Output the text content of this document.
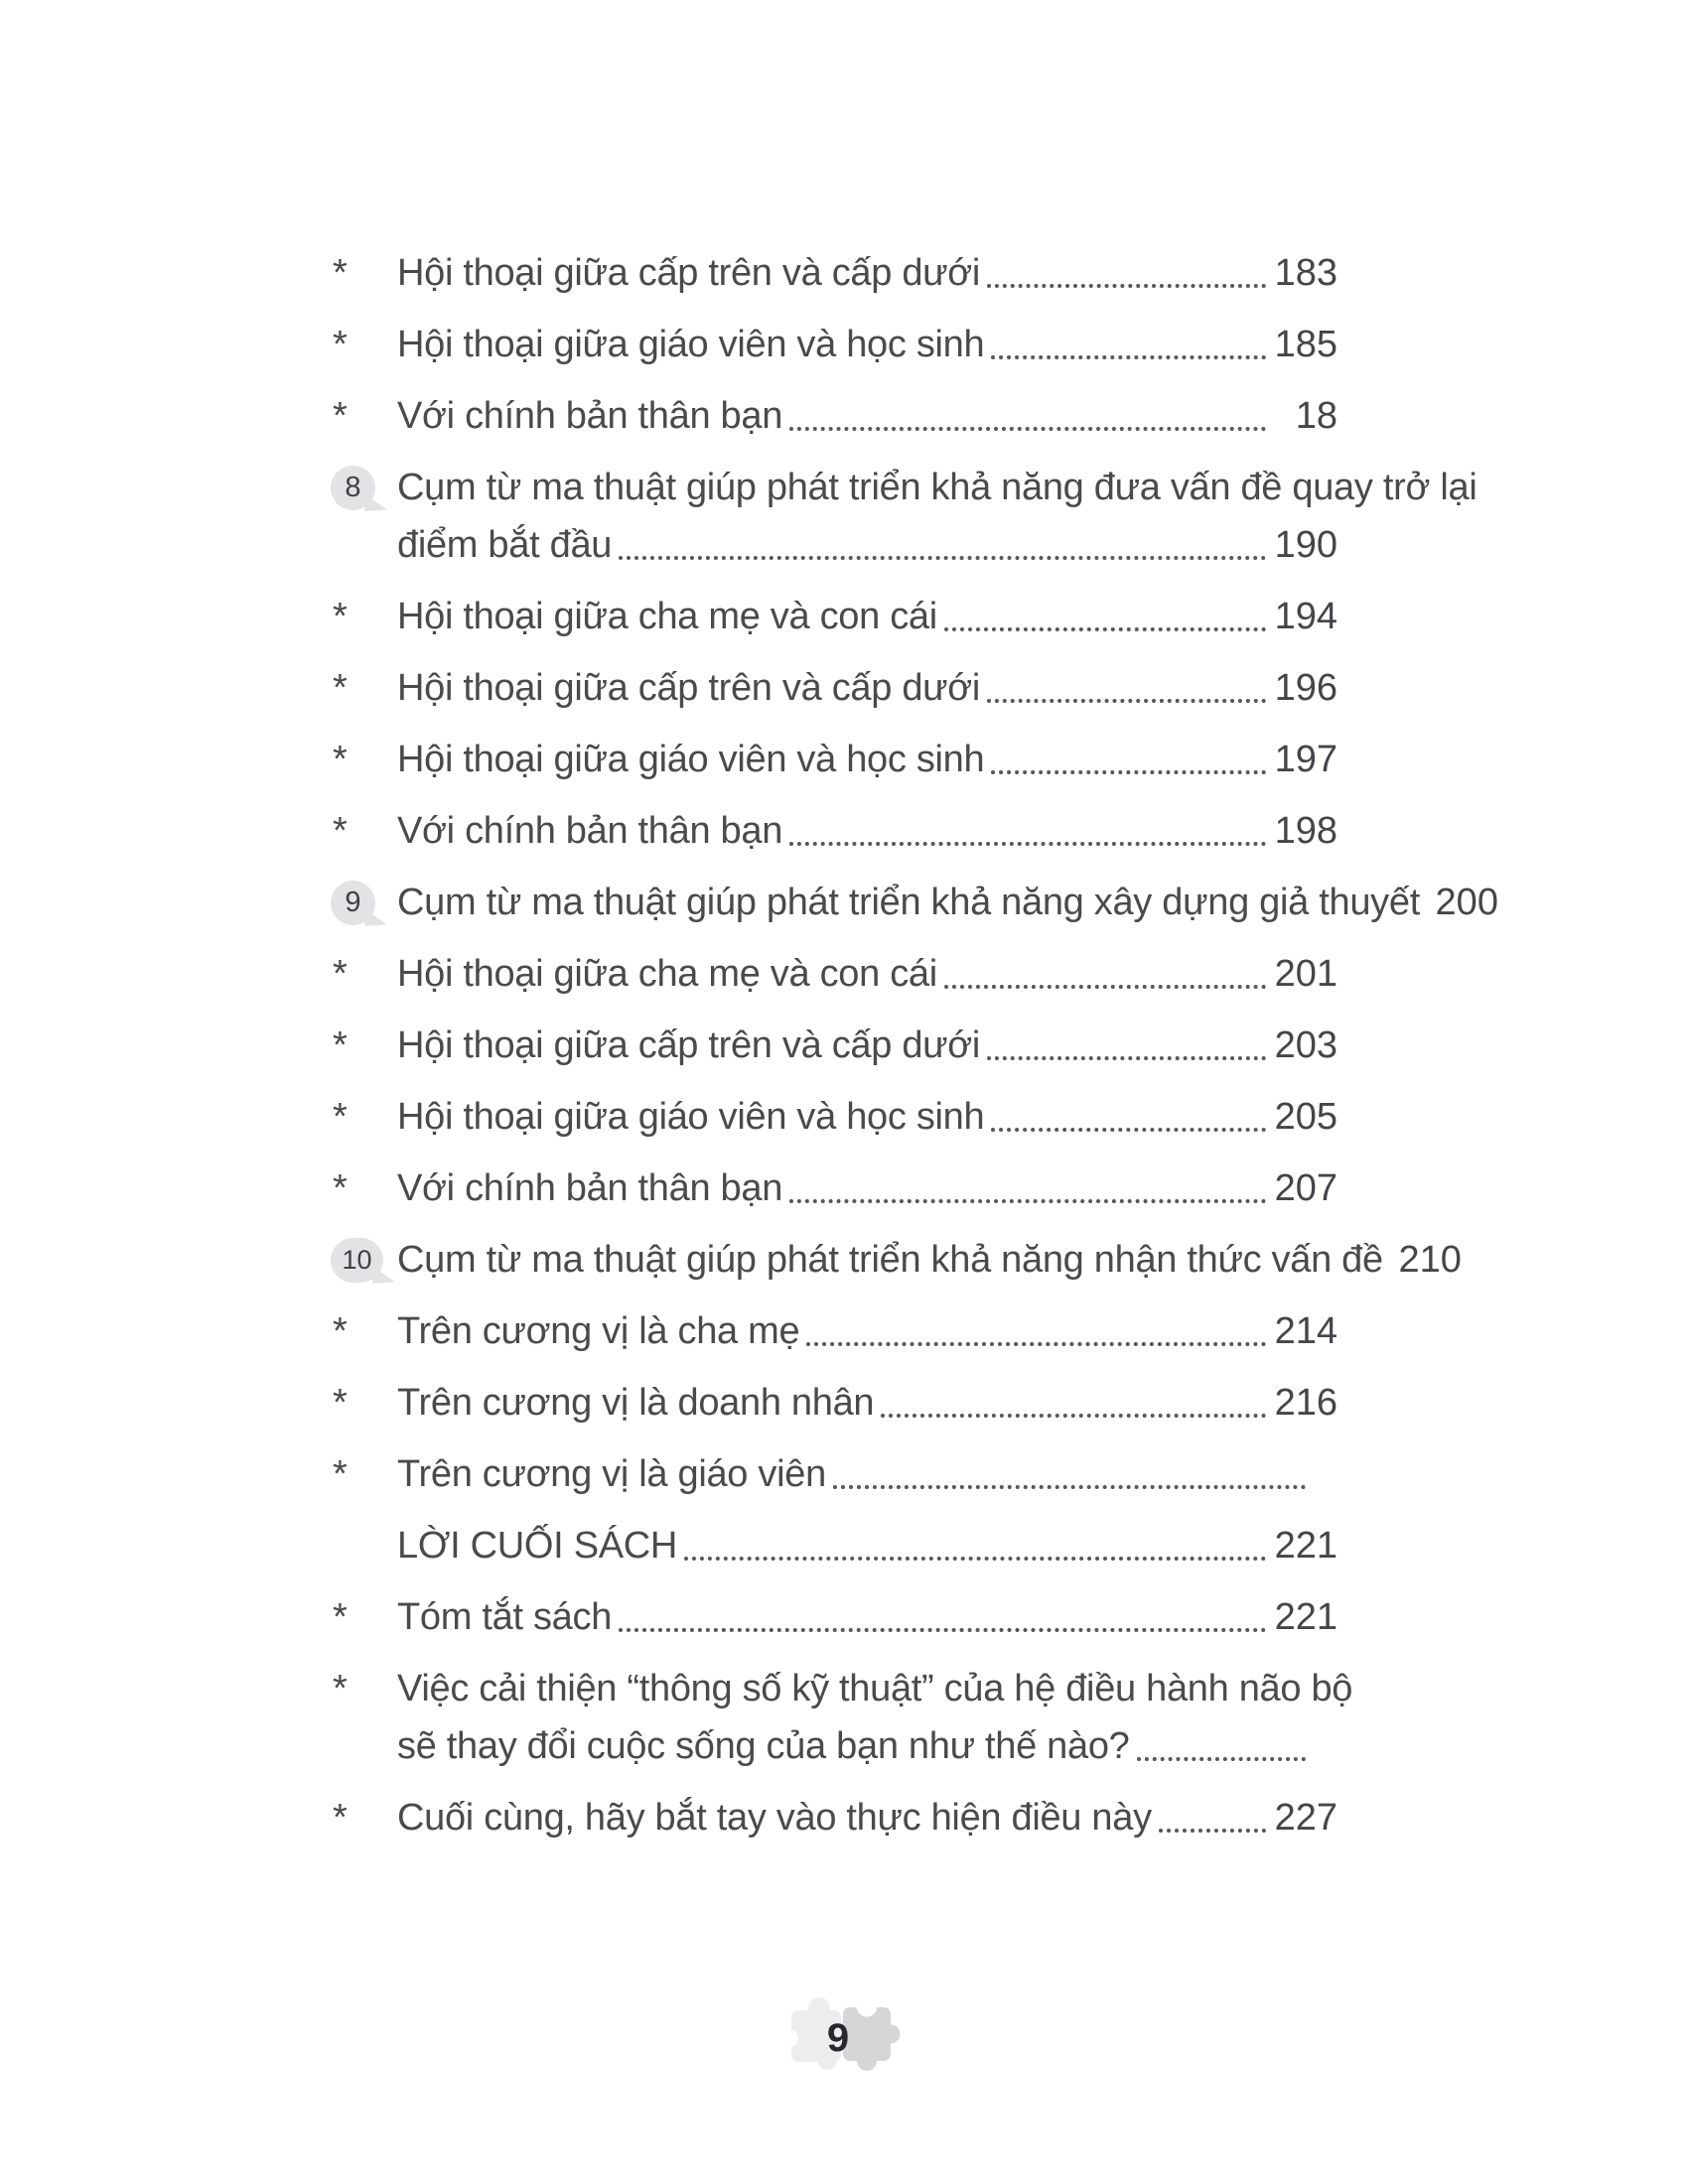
*	Hội thoại giữa cấp trên và cấp dưới	183
*	Hội thoại giữa giáo viên và học sinh	185
*	Với chính bản thân bạn	18
8 Cụm từ ma thuật giúp phát triển khả năng đưa vấn đề quay trở lại
điểm bắt đầu	190
*	Hội thoại giữa cha mẹ và con cái	194
*	Hội thoại giữa cấp trên và cấp dưới	196
*	Hội thoại giữa giáo viên và học sinh	197
*	Với chính bản thân bạn	198
9 Cụm từ ma thuật giúp phát triển khả năng xây dựng giả thuyết 200
*	Hội thoại giữa cha mẹ và con cái	201
*	Hội thoại giữa cấp trên và cấp dưới	203
*	Hội thoại giữa giáo viên và học sinh	205
*	Với chính bản thân bạn	207
10 Cụm từ ma thuật giúp phát triển khả năng nhận thức vấn đề 210
*	Trên cương vị là cha mẹ	214
*	Trên cương vị là doanh nhân	216
*	Trên cương vị là giáo viên
LỜI CUỐI SÁCH	221
*	Tóm tắt sách	221
*	Việc cải thiện “thông số kỹ thuật” của hệ điều hành não bộ
sẽ thay đổi cuộc sống của bạn như thế nào?
*	Cuối cùng, hãy bắt tay vào thực hiện điều này	227
9
